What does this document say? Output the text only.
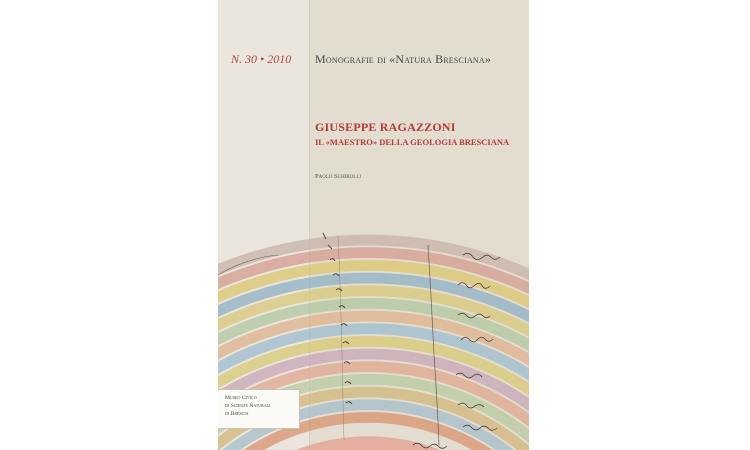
N. 30 • 2010	Monografie di «Natura Bresciana»
GIUSEPPE RAGAZZONI
IL «MAESTRO» DELLA GEOLOGIA BRESCIANA
Paolo Schirolli
Museo Civico
di Scienze Naturali
di Brescia
